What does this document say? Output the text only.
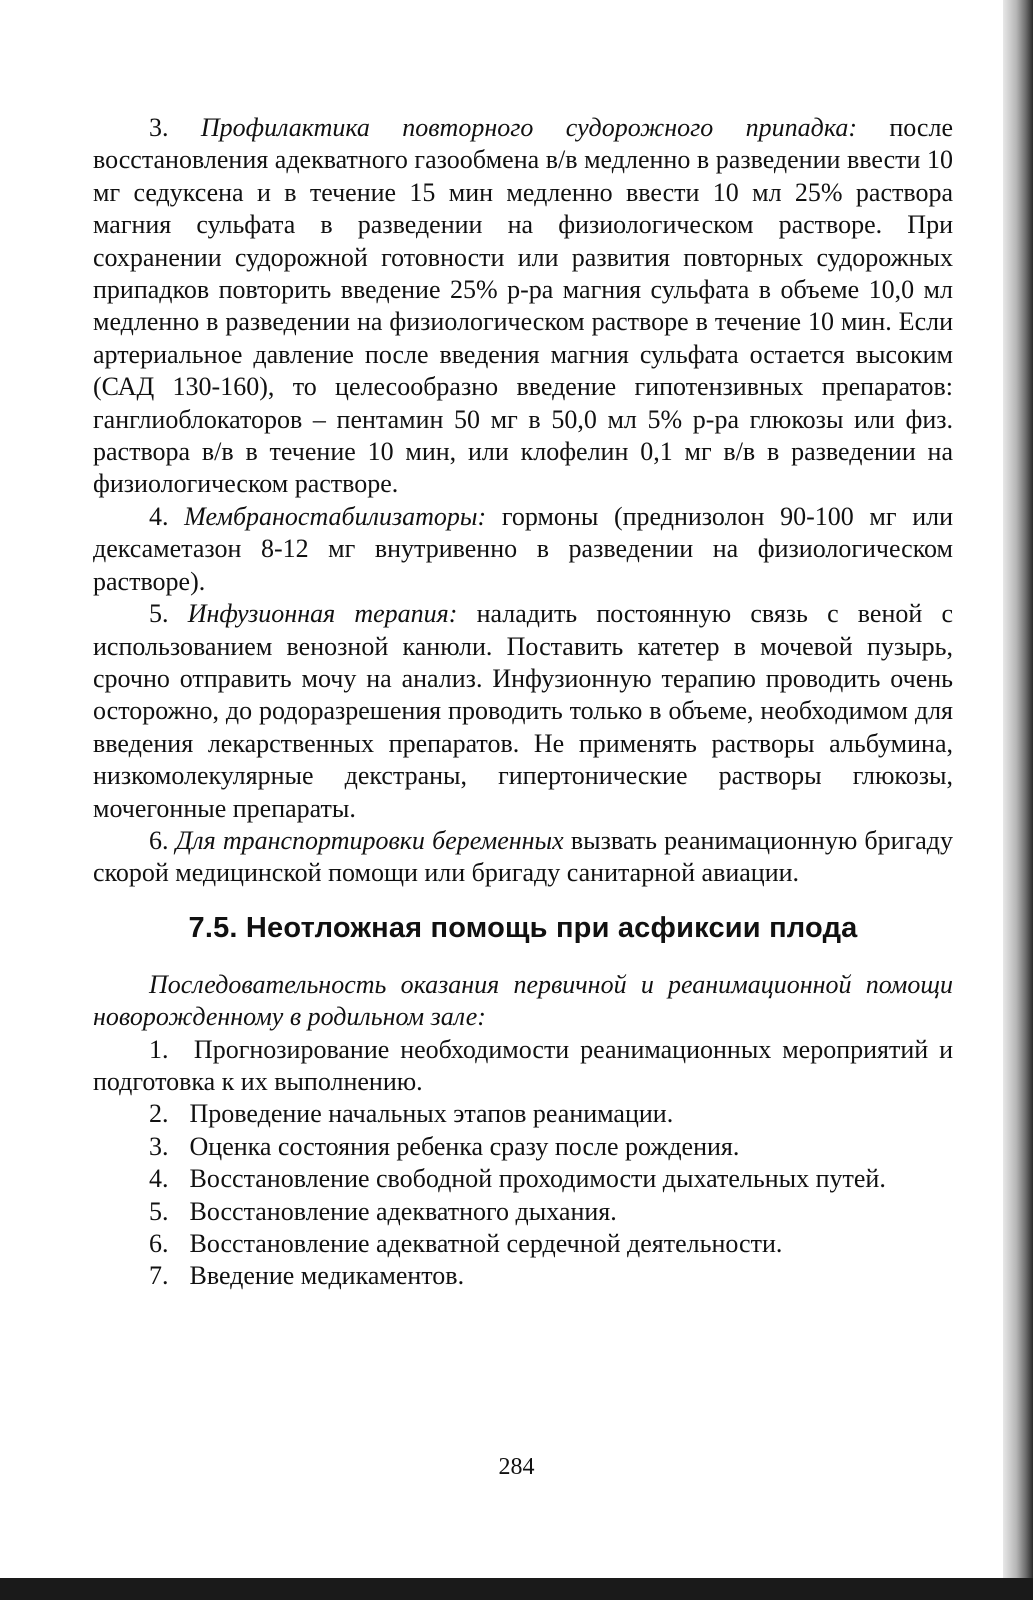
3. Профилактика повторного судорожного припадка: после восстановления адекватного газообмена в/в медленно в разведении ввести 10 мг седуксена и в течение 15 мин медленно ввести 10 мл 25% раствора магния сульфата в разведении на физиологическом растворе. При сохранении судорожной готовности или развития повторных судорожных припадков повторить введение 25% р-ра магния сульфата в объеме 10,0 мл медленно в разведении на физиологическом растворе в течение 10 мин. Если артериальное давление после введения магния сульфата остается высоким (САД 130-160), то целесообразно введение гипотензивных препаратов: ганглиоблокаторов – пентамин 50 мг в 50,0 мл 5% р-ра глюкозы или физ. раствора в/в в течение 10 мин, или клофелин 0,1 мг в/в в разведении на физиологическом растворе.

4. Мембраностабилизаторы: гормоны (преднизолон 90-100 мг или дексаметазон 8-12 мг внутривенно в разведении на физиологическом растворе).

5. Инфузионная терапия: наладить постоянную связь с веной с использованием венозной канюли. Поставить катетер в мочевой пузырь, срочно отправить мочу на анализ. Инфузионную терапию проводить очень осторожно, до родоразрешения проводить только в объеме, необходимом для введения лекарственных препаратов. Не применять растворы альбумина, низкомолекулярные декстраны, гипертонические растворы глюкозы, мочегонные препараты.

6. Для транспортировки беременных вызвать реанимационную бригаду скорой медицинской помощи или бригаду санитарной авиации.

7.5. Неотложная помощь при асфиксии плода

Последовательность оказания первичной и реанимационной помощи новорожденному в родильном зале:

1. Прогнозирование необходимости реанимационных мероприятий и подготовка к их выполнению.

2. Проведение начальных этапов реанимации.

3. Оценка состояния ребенка сразу после рождения.

4. Восстановление свободной проходимости дыхательных путей.

5. Восстановление адекватного дыхания.

6. Восстановление адекватной сердечной деятельности.

7. Введение медикаментов.

284
